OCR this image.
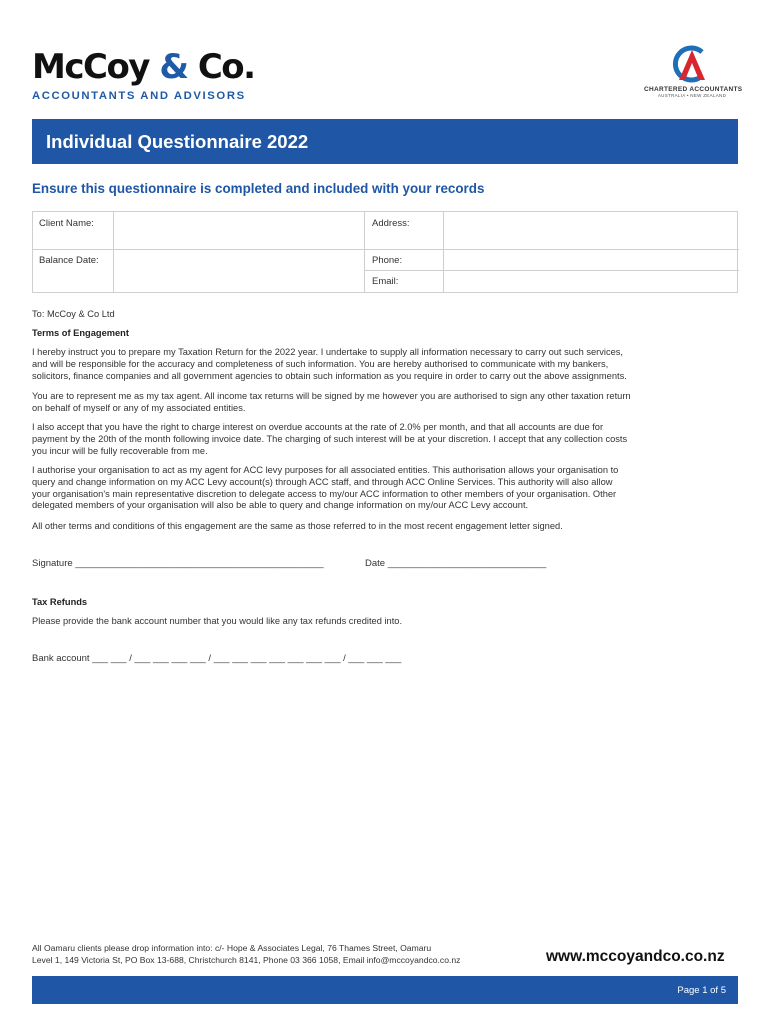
McCoy & Co.
ACCOUNTANTS AND ADVISORS
CHARTERED ACCOUNTANTS
AUSTRALIA • NEW ZEALAND
Individual Questionnaire 2022
Ensure this questionnaire is completed and included with your records
Client Name:
Balance Date:
Address:
Phone:
Email:
To: McCoy & Co Ltd
Terms of Engagement
I hereby instruct you to prepare my Taxation Return for the 2022 year. I undertake to supply all information necessary to carry out such services,
and will be responsible for the accuracy and completeness of such information. You are hereby authorised to communicate with my bankers,
solicitors, finance companies and all government agencies to obtain such information as you require in order to carry out the above assignments.
You are to represent me as my tax agent. All income tax returns will be signed by me however you are authorised to sign any other taxation return
on behalf of myself or any of my associated entities.
I also accept that you have the right to charge interest on overdue accounts at the rate of 2.0% per month, and that all accounts are due for
payment by the 20th of the month following invoice date. The charging of such interest will be at your discretion. I accept that any collection costs
you incur will be fully recoverable from me.
I authorise your organisation to act as my agent for ACC levy purposes for all associated entities. This authorisation allows your organisation to
query and change information on my ACC Levy account(s) through ACC staff, and through ACC Online Services. This authority will also allow
your organisation's main representative discretion to delegate access to my/our ACC information to other members of your organisation. Other
delegated members of your organisation will also be able to query and change information on my/our ACC Levy account.
All other terms and conditions of this engagement are the same as those referred to in the most recent engagement letter signed.
Signature _______________________________________________	Date ______________________________
Tax Refunds
Please provide the bank account number that you would like any tax refunds credited into.
Bank account ___ ___ / ___ ___ ___ ___ / ___ ___ ___ ___ ___ ___ ___ / ___ ___ ___
All Oamaru clients please drop information into: c/- Hope & Associates Legal, 76 Thames Street, Oamaru
Level 1, 149 Victoria St, PO Box 13-688, Christchurch 8141, Phone 03 366 1058, Email info@mccoyandco.co.nz	www.mccoyandco.co.nz
Page 1 of 5
